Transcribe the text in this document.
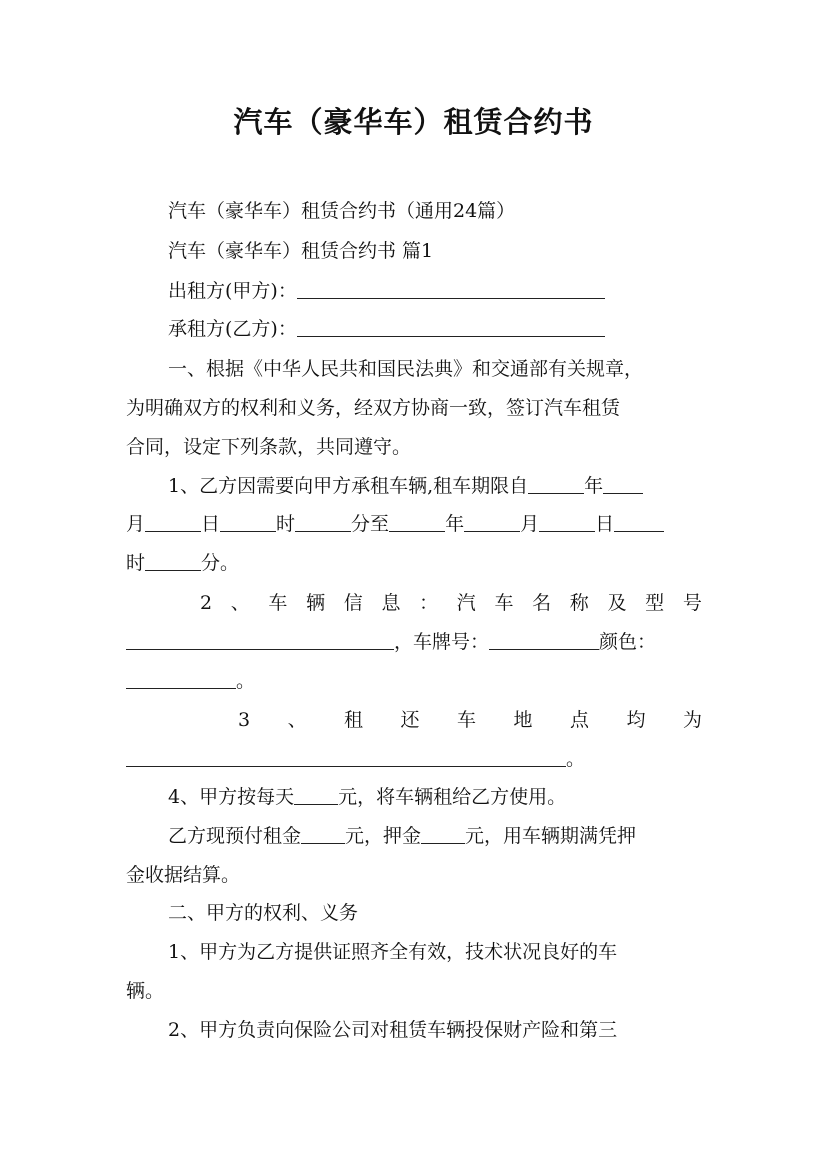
汽车（豪华车）租赁合约书
汽车（豪华车）租赁合约书（通用24篇）
汽车（豪华车）租赁合约书 篇1
出租方(甲方)：
承租方(乙方)：
一、根据《中华人民共和国民法典》和交通部有关规章，
为明确双方的权利和义务，经双方协商一致，签订汽车租赁
合同，设定下列条款，共同遵守。
1、乙方因需要向甲方承租车辆,租车期限自	年
月	日	时	分至	年	月	日
时	分。
2 、 车 辆 信 息 ： 汽 车 名 称 及 型 号
，车牌号：	颜色：
。
3 、 租 还 车 地 点 均 为
。
4、甲方按每天 元，将车辆租给乙方使用。
乙方现预付租金 元，押金 元，用车辆期满凭押
金收据结算。
二、甲方的权利、义务
1、甲方为乙方提供证照齐全有效，技术状况良好的车
辆。
2、甲方负责向保险公司对租赁车辆投保财产险和第三
